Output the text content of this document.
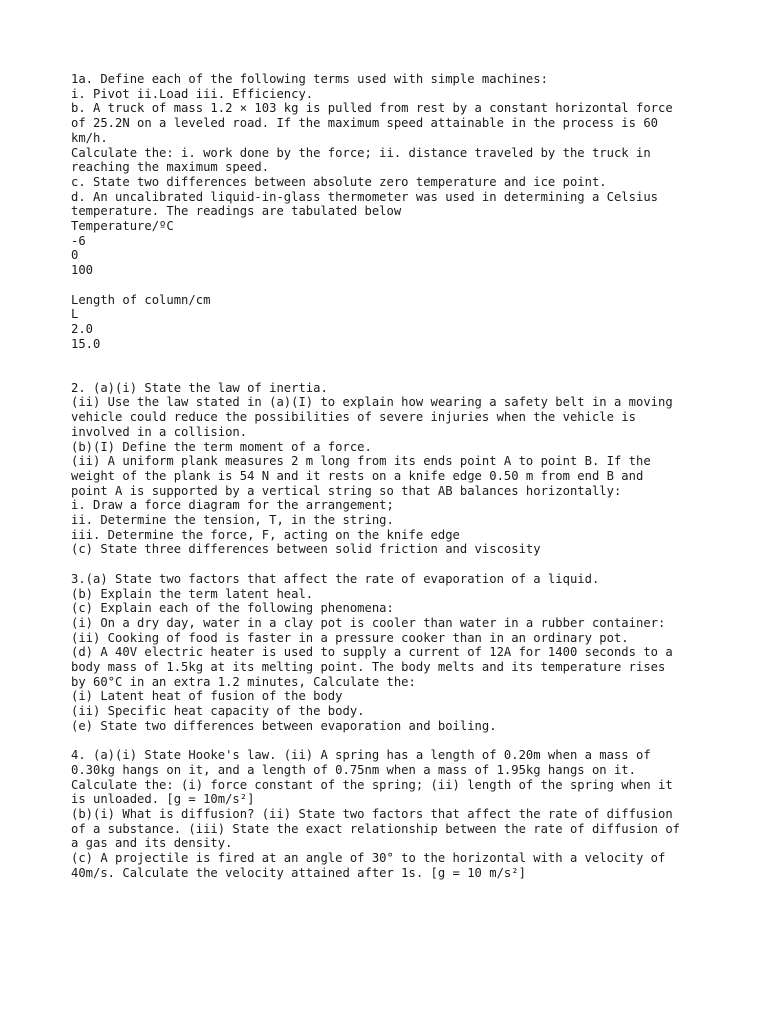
1a. Define each of the following terms used with simple machines:
i. Pivot ii.Load iii. Efficiency.
b. A truck of mass 1.2 × 103 kg is pulled from rest by a constant horizontal force
of 25.2N on a leveled road. If the maximum speed attainable in the process is 60
km/h.
Calculate the: i. work done by the force; ii. distance traveled by the truck in
reaching the maximum speed.
c. State two differences between absolute zero temperature and ice point.
d. An uncalibrated liquid-in-glass thermometer was used in determining a Celsius
temperature. The readings are tabulated below
Temperature/ºC
-6
0
100
Length of column/cm
L
2.0
15.0
2. (a)(i) State the law of inertia.
(ii) Use the law stated in (a)(I) to explain how wearing a safety belt in a moving
vehicle could reduce the possibilities of severe injuries when the vehicle is
involved in a collision.
(b)(I) Define the term moment of a force.
(ii) A uniform plank measures 2 m long from its ends point A to point B. If the
weight of the plank is 54 N and it rests on a knife edge 0.50 m from end B and
point A is supported by a vertical string so that AB balances horizontally:
i. Draw a force diagram for the arrangement;
ii. Determine the tension, T, in the string.
iii. Determine the force, F, acting on the knife edge
(c) State three differences between solid friction and viscosity
3.(a) State two factors that affect the rate of evaporation of a liquid.
(b) Explain the term latent heal.
(c) Explain each of the following phenomena:
(i) On a dry day, water in a clay pot is cooler than water in a rubber container:
(ii) Cooking of food is faster in a pressure cooker than in an ordinary pot.
(d) A 40V electric heater is used to supply a current of 12A for 1400 seconds to a
body mass of 1.5kg at its melting point. The body melts and its temperature rises
by 60°C in an extra 1.2 minutes, Calculate the:
(i) Latent heat of fusion of the body
(ii) Specific heat capacity of the body.
(e) State two differences between evaporation and boiling.
4. (a)(i) State Hooke's law. (ii) A spring has a length of 0.20m when a mass of
0.30kg hangs on it, and a length of 0.75nm when a mass of 1.95kg hangs on it.
Calculate the: (i) force constant of the spring; (ii) length of the spring when it
is unloaded. [g = 10m/s²]
(b)(i) What is diffusion? (ii) State two factors that affect the rate of diffusion
of a substance. (iii) State the exact relationship between the rate of diffusion of
a gas and its density.
(c) A projectile is fired at an angle of 30° to the horizontal with a velocity of
40m/s. Calculate the velocity attained after 1s. [g = 10 m/s²]
